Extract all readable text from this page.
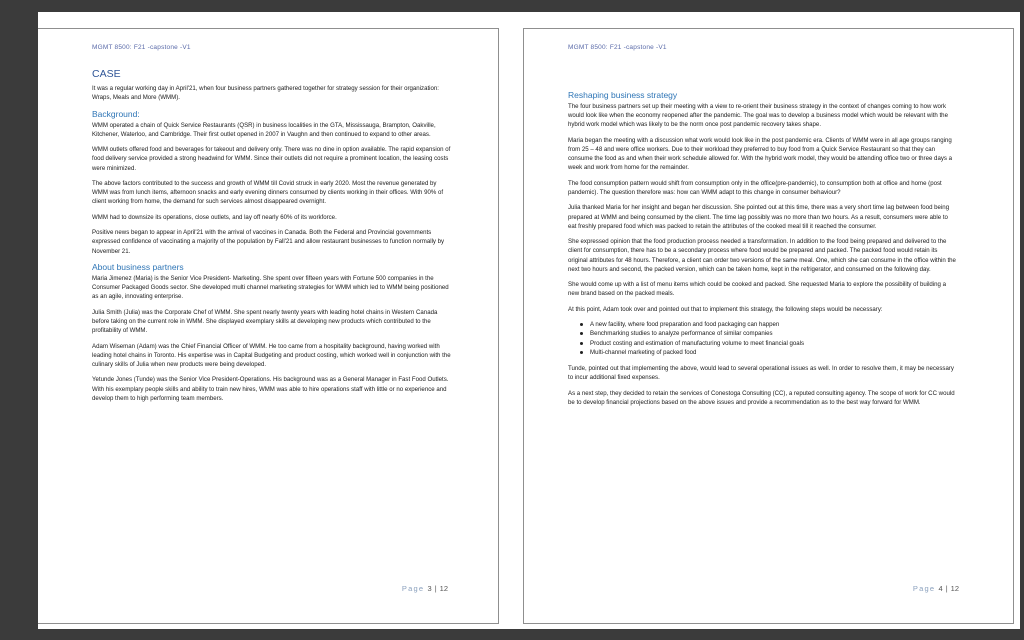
MGMT 8500: F21 -capstone -V1
CASE

It was a regular working day in April'21, when four business partners gathered together for strategy session for their organization: Wraps, Meals and More (WMM).

Background:

WMM operated a chain of Quick Service Restaurants (QSR) in business localities in the GTA, Mississauga, Brampton, Oakville, Kitchener, Waterloo, and Cambridge. Their first outlet opened in 2007 in Vaughn and then continued to expand to other areas.

WMM outlets offered food and beverages for takeout and delivery only. There was no dine in option available. The rapid expansion of food delivery service provided a strong headwind for WMM. Since their outlets did not require a prominent location, the leasing costs were minimized.

The above factors contributed to the success and growth of WMM till Covid struck in early 2020. Most the revenue generated by WMM was from lunch items, afternoon snacks and early evening dinners consumed by clients working in their offices. With 90% of client working from home, the demand for such services almost disappeared overnight.

WMM had to downsize its operations, close outlets, and lay off nearly 60% of its workforce.

Positive news began to appear in April'21 with the arrival of vaccines in Canada. Both the Federal and Provincial governments expressed confidence of vaccinating a majority of the population by Fall'21 and allow restaurant businesses to function normally by November 21.

About business partners

Maria Jimenez (Maria) is the Senior Vice President- Marketing. She spent over fifteen years with Fortune 500 companies in the Consumer Packaged Goods sector. She developed multi channel marketing strategies for WMM which led to WMM being positioned as an agile, innovating enterprise.

Julia Smith (Julia) was the Corporate Chef of WMM. She spent nearly twenty years with leading hotel chains in Western Canada before taking on the current role in WMM. She displayed exemplary skills at developing new products which contributed to the profitability of WMM.

Adam Wiseman (Adam) was the Chief Financial Officer of WMM. He too came from a hospitality background, having worked with leading hotel chains in Toronto. His expertise was in Capital Budgeting and product costing, which worked well in conjunction with the culinary skills of Julia when new products were being developed.

Yetunde Jones (Tunde) was the Senior Vice President-Operations. His background was as a General Manager in Fast Food Outlets. With his exemplary people skills and ability to train new hires, WMM was able to hire operations staff with little or no experience and develop them to high performing team members.

Page 3 | 12
MGMT 8500: F21 -capstone -V1
Reshaping business strategy

The four business partners set up their meeting with a view to re-orient their business strategy in the context of changes coming to how work would look like when the economy reopened after the pandemic. The goal was to develop a business model which would be relevant with the hybrid work model which was likely to be the norm once post pandemic recovery takes shape.

Maria began the meeting with a discussion what work would look like in the post pandemic era. Clients of WMM were in all age groups ranging from 25 – 48 and were office workers. Due to their workload they preferred to buy food from a Quick Service Restaurant so that they can consume the food as and when their work schedule allowed for. With the hybrid work model, they would be attending office two or three days a week and work from home for the remainder.

The food consumption pattern would shift from consumption only in the office(pre-pandemic), to consumption both at office and home (post pandemic). The question therefore was: how can WMM adapt to this change in consumer behaviour?

Julia thanked Maria for her insight and began her discussion. She pointed out at this time, there was a very short time lag between food being prepared at WMM and being consumed by the client. The time lag possibly was no more than two hours. As a result, consumers were able to eat freshly prepared food which was packed to retain the attributes of the cooked meal till it reached the consumer.

She expressed opinion that the food production process needed a transformation. In addition to the food being prepared and delivered to the client for consumption, there has to be a secondary process where food would be prepared and packed. The packed food would retain its original attributes for 48 hours. Therefore, a client can order two versions of the same meal. One, which she can consume in the office within the next two hours and second, the packed version, which can be taken home, kept in the refrigerator, and consumed on the following day.

She would come up with a list of menu items which could be cooked and packed. She requested Maria to explore the possibility of building a new brand based on the packed meals.

At this point, Adam took over and pointed out that to implement this strategy, the following steps would be necessary:

A new facility, where food preparation and food packaging can happen
Benchmarking studies to analyze performance of similar companies
Product costing and estimation of manufacturing volume to meet financial goals
Multi-channel marketing of packed food

Tunde, pointed out that implementing the above, would lead to several operational issues as well. In order to resolve them, it may be necessary to incur additional fixed expenses.

As a next step, they decided to retain the services of Conestoga Consulting (CC), a reputed consulting agency. The scope of work for CC would be to develop financial projections based on the above issues and provide a recommendation as to the best way forward for WMM.

Page 4 | 12
